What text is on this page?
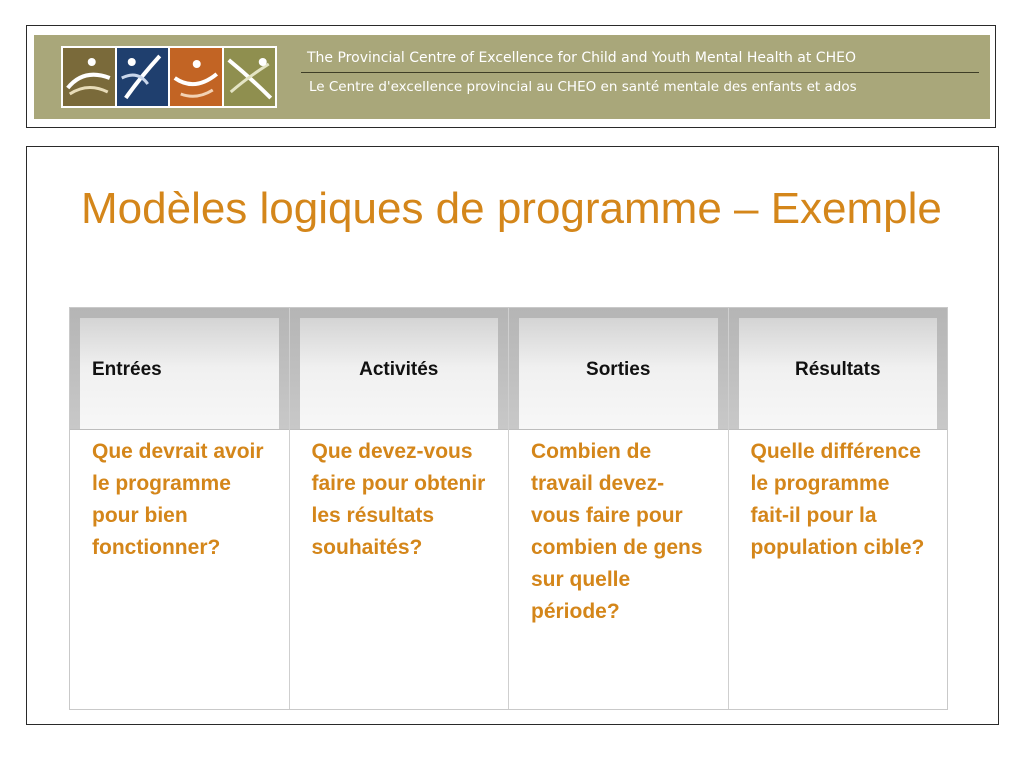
The Provincial Centre of Excellence for Child and Youth Mental Health at CHEO
Le Centre d'excellence provincial au CHEO en santé mentale des enfants et ados
Modèles logiques de programme – Exemple
Entrées
Que devrait avoir le programme pour bien fonctionner?
Activités
Que devez-vous faire pour obtenir les résultats souhaités?
Sorties
Combien de travail devez-vous faire pour combien de gens sur quelle période?
Résultats
Quelle différence le programme fait-il pour la population cible?
